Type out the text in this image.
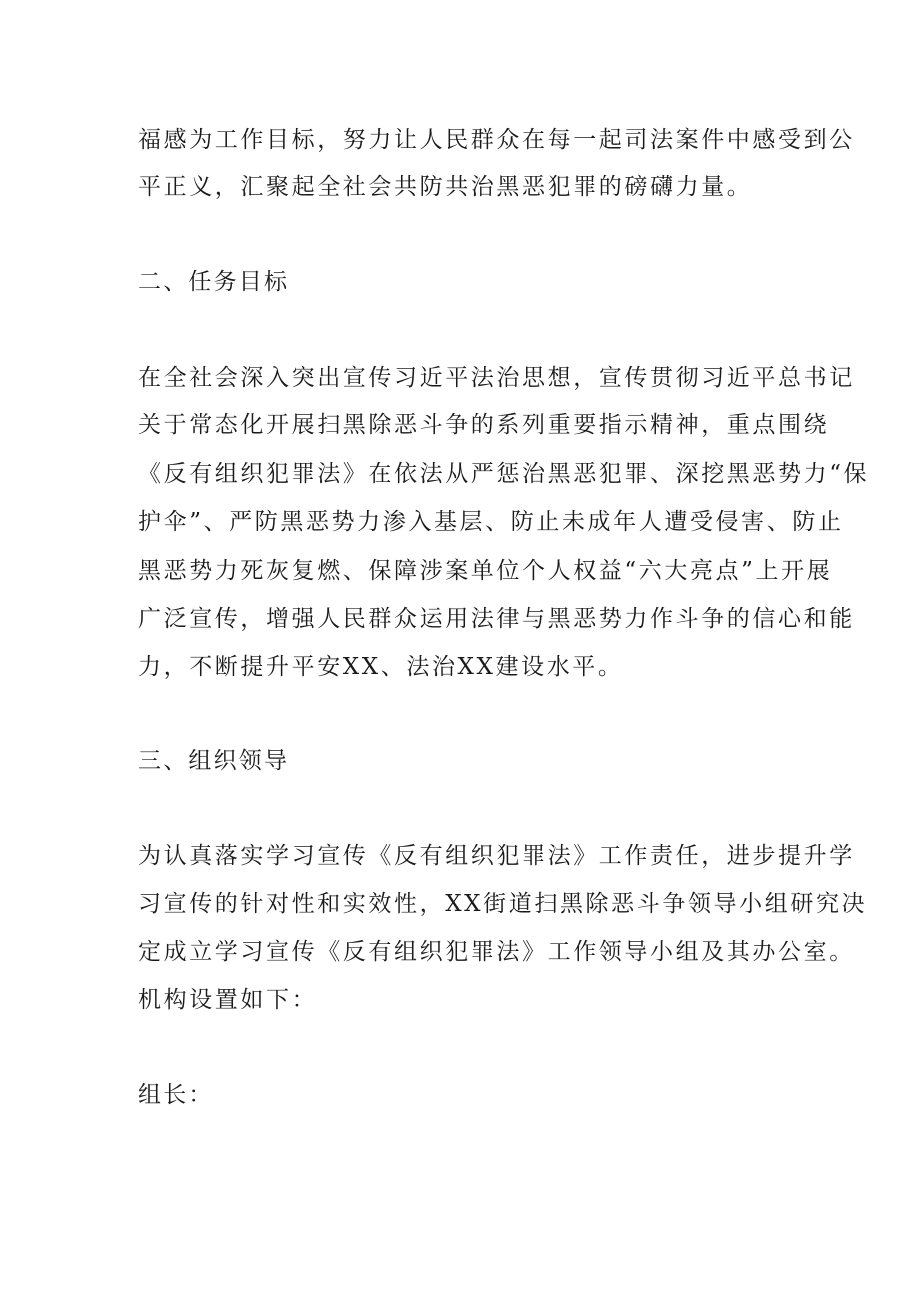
福感为工作目标，努力让人民群众在每一起司法案件中感受到公
平正义，汇聚起全社会共防共治黑恶犯罪的磅礴力量。
二、任务目标
在全社会深入突出宣传习近平法治思想，宣传贯彻习近平总书记
关于常态化开展扫黑除恶斗争的系列重要指示精神，重点围绕
《反有组织犯罪法》在依法从严惩治黑恶犯罪、深挖黑恶势力“保
护伞”、严防黑恶势力渗入基层、防止未成年人遭受侵害、防止
黑恶势力死灰复燃、保障涉案单位个人权益“六大亮点”上开展
广泛宣传，增强人民群众运用法律与黑恶势力作斗争的信心和能
力，不断提升平安XX、法治XX建设水平。
三、组织领导
为认真落实学习宣传《反有组织犯罪法》工作责任，进步提升学
习宣传的针对性和实效性，XX街道扫黑除恶斗争领导小组研究决
定成立学习宣传《反有组织犯罪法》工作领导小组及其办公室。
机构设置如下：
组长：
